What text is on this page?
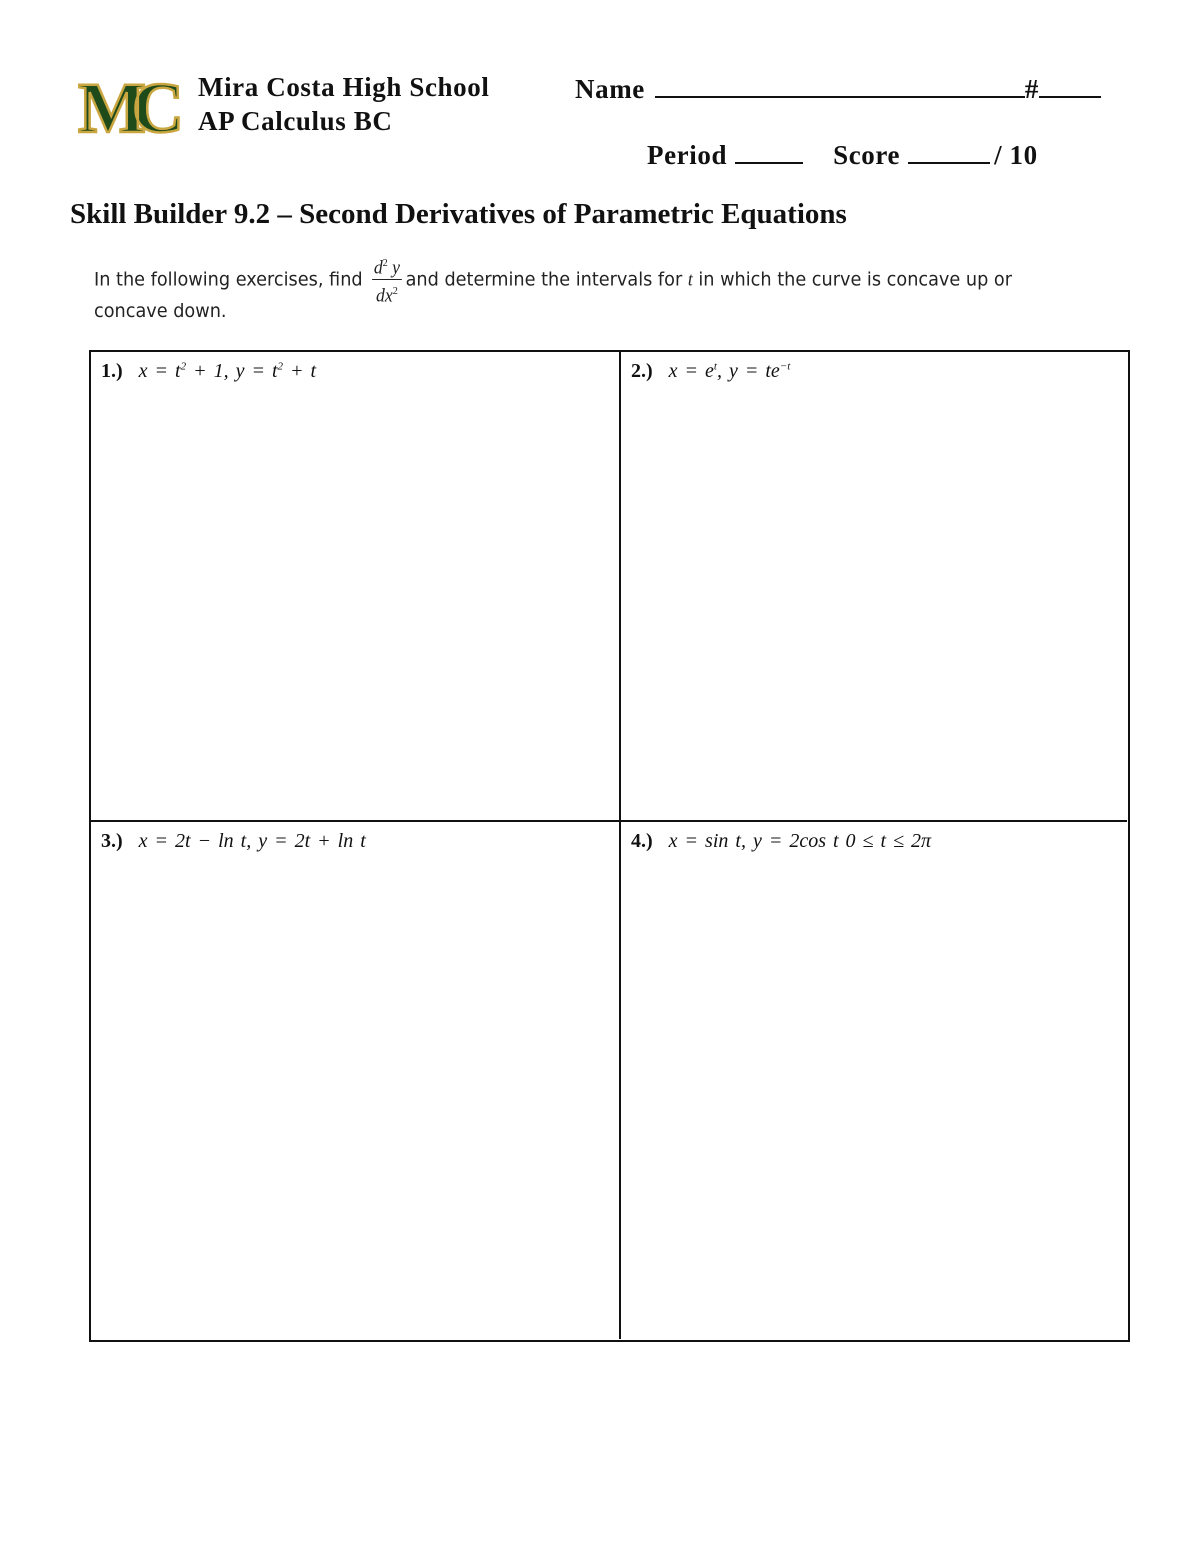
MC	Mira Costa High School
AP Calculus BC
Name	#
Period	Score	/ 10
Skill Builder 9.2 – Second Derivatives of Parametric Equations
In the following exercises, find $\frac{d^2 y}{dx^2}$ and determine the intervals for t in which the curve is concave up or
concave down.
1.) $x = t^2 + 1$, $y = t^2 + t$	2.) $x = e^t$, $y = te^{-t}$
3.) x = 2t − ln t, y = 2t + ln t	4.) x = sin t, y = 2cos t 0 ≤ t ≤ 2π
